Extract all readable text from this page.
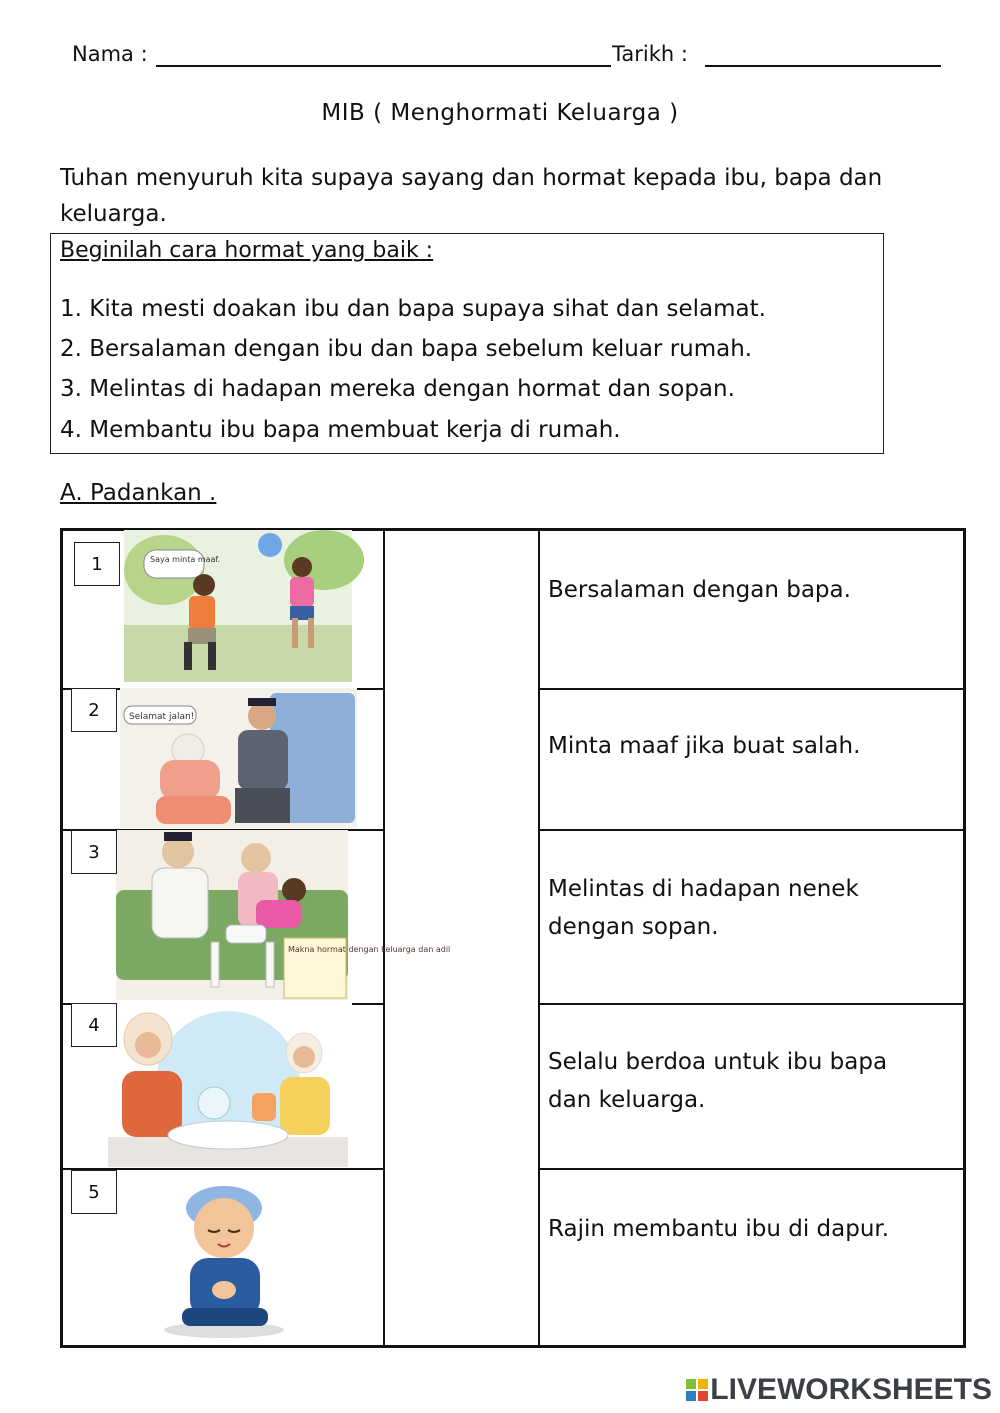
Nama :	Tarikh :
MIB ( Menghormati Keluarga )
Tuhan menyuruh kita supaya sayang dan hormat kepada ibu, bapa dan keluarga.
Beginilah cara hormat yang baik :
1. Kita mesti doakan ibu dan bapa supaya sihat dan selamat.
2. Bersalaman dengan ibu dan bapa sebelum keluar rumah.
3. Melintas di hadapan mereka dengan hormat dan sopan.
4. Membantu ibu bapa membuat kerja di rumah.
A. Padankan .
Saya minta maaf.
1
Selamat jalan!
2
Makna hormat dengan keluarga dan adil
3
4
5
Bersalaman dengan bapa.
Minta maaf jika buat salah.
Melintas di hadapan nenek
dengan sopan.
Selalu berdoa untuk ibu bapa
dan keluarga.
Rajin membantu ibu di dapur.
LIVEWORKSHEETS
